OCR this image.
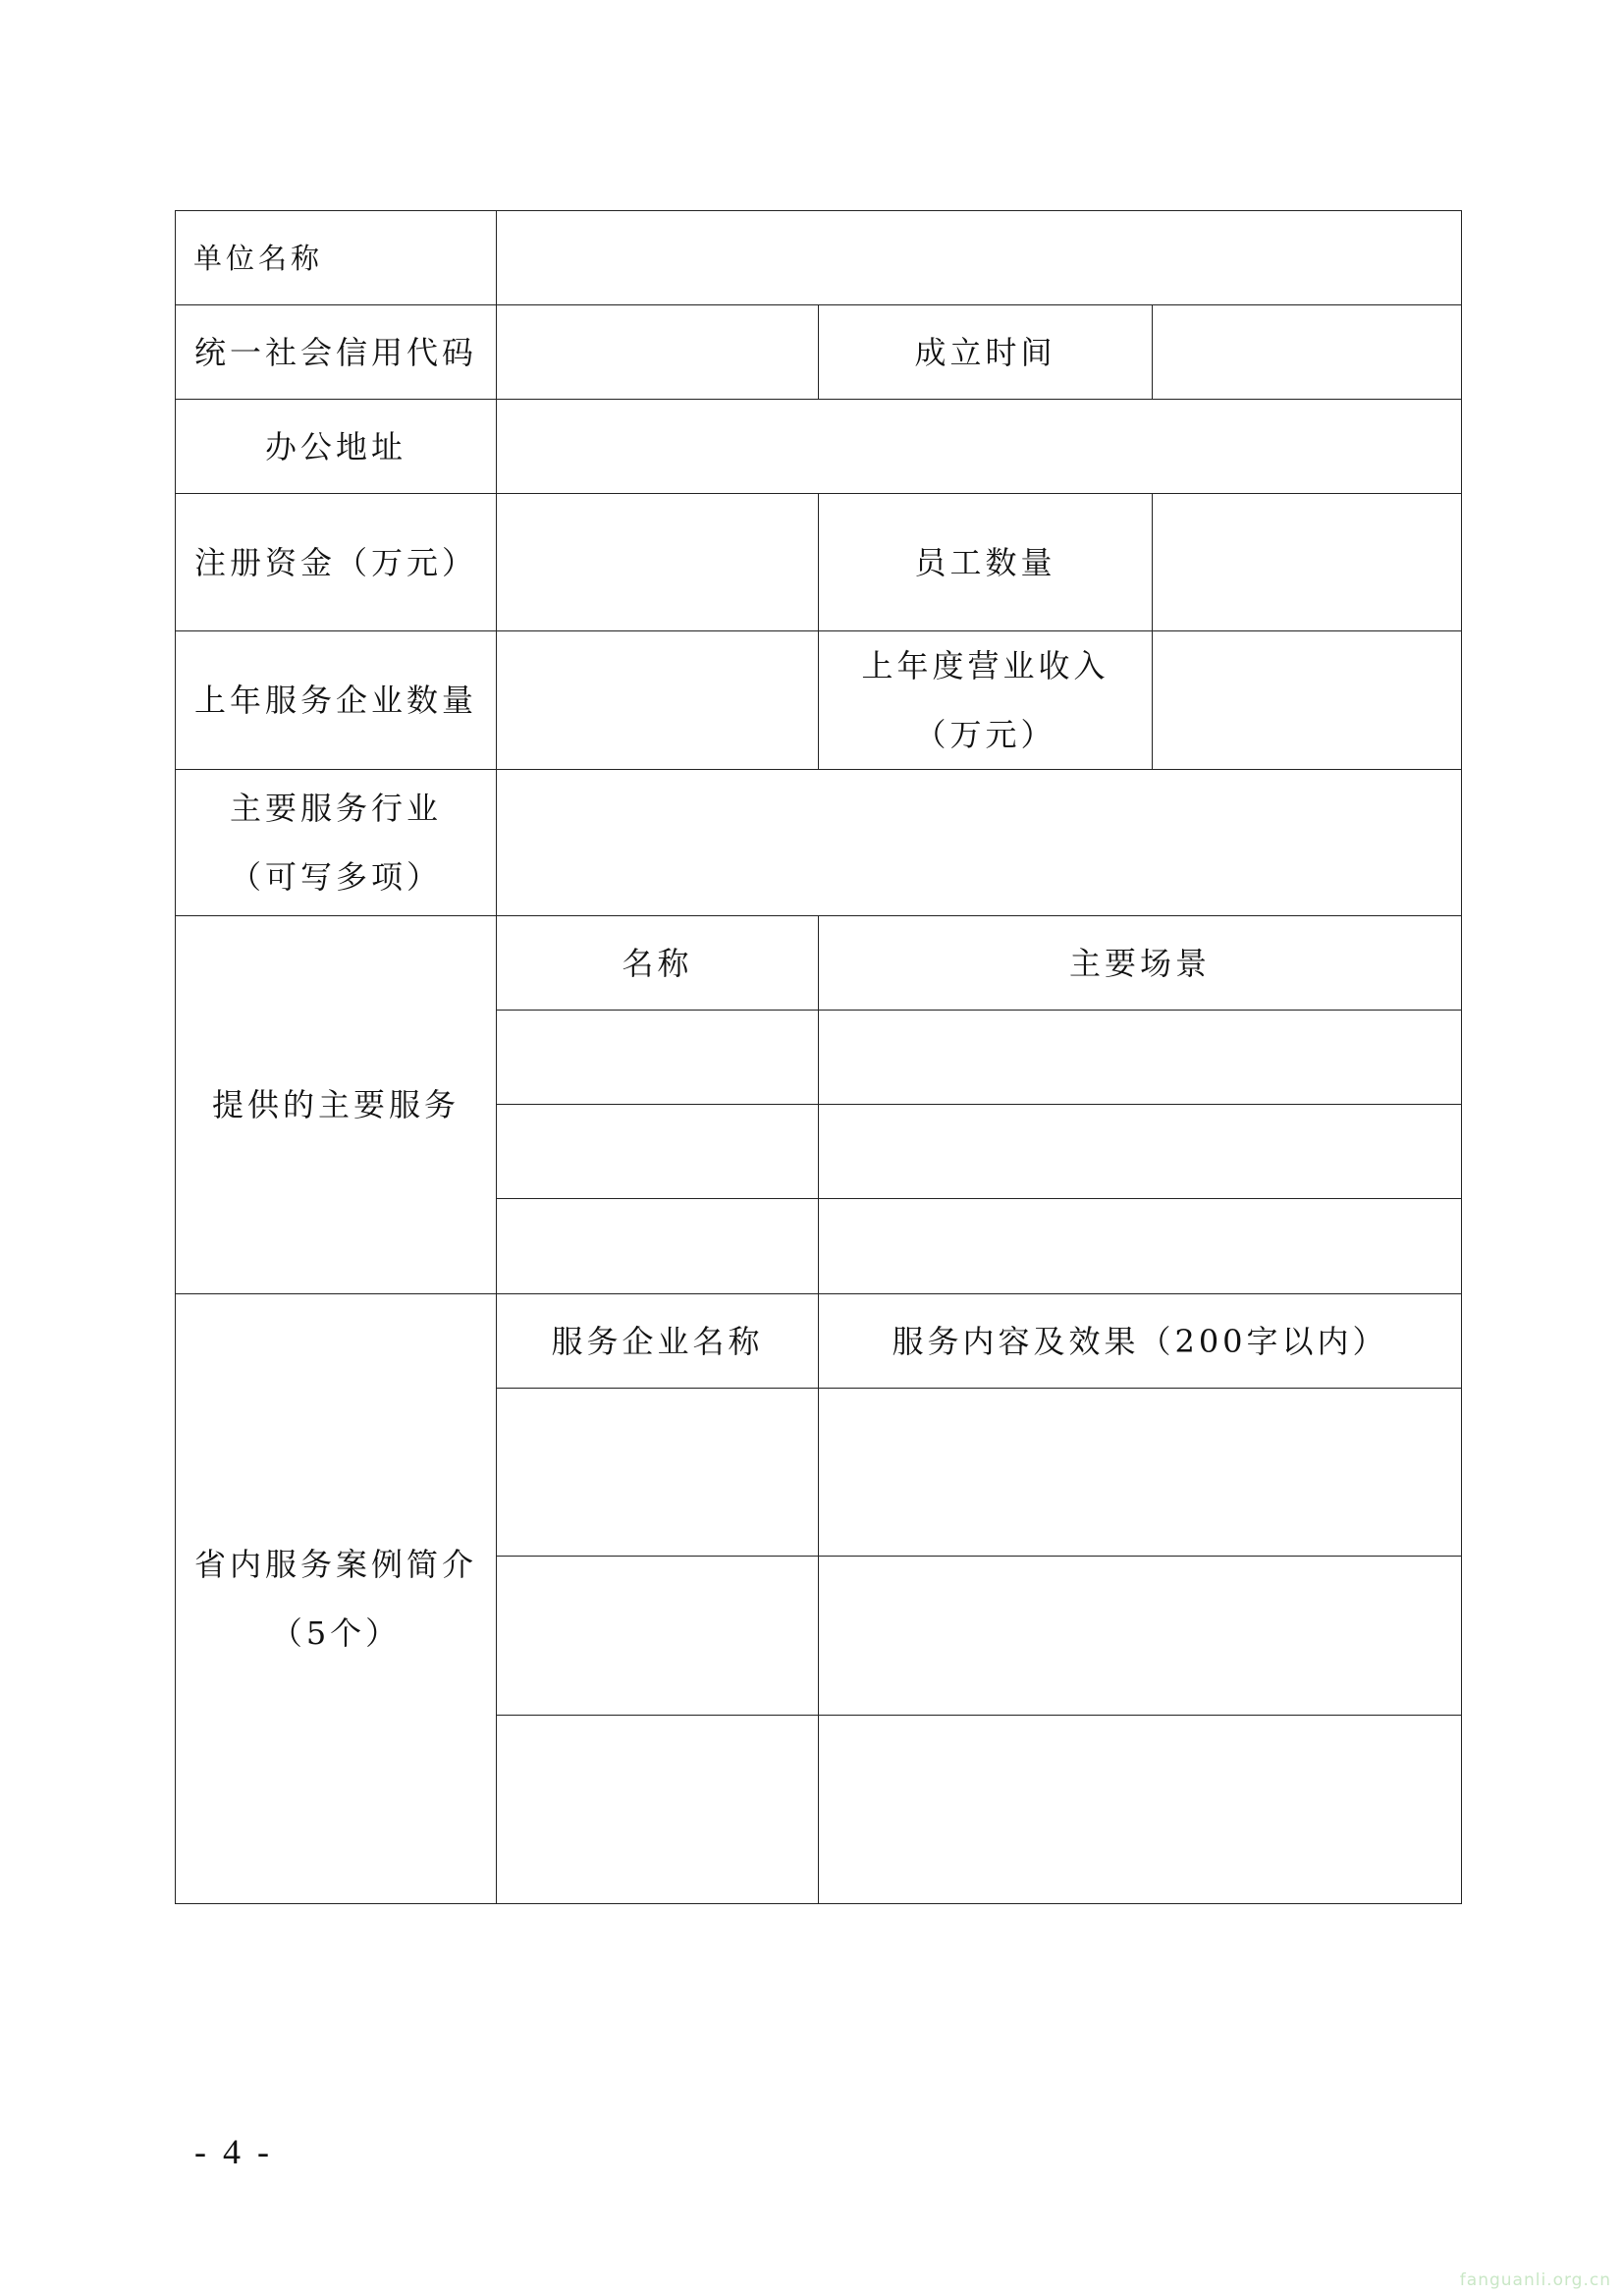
单位名称			
统一社会信用代码		成立时间	
办公地址			
注册资金（万元）		员工数量	
上年服务企业数量		上年度营业收入
（万元）	

主要服务行业
（可写多项）			

提供的主要服务	名称	主要场景	

省内服务案例简介
（5个）	服务企业名称	服务内容及效果（200字以内）	

- 4 -
fanguanli.org.cn
